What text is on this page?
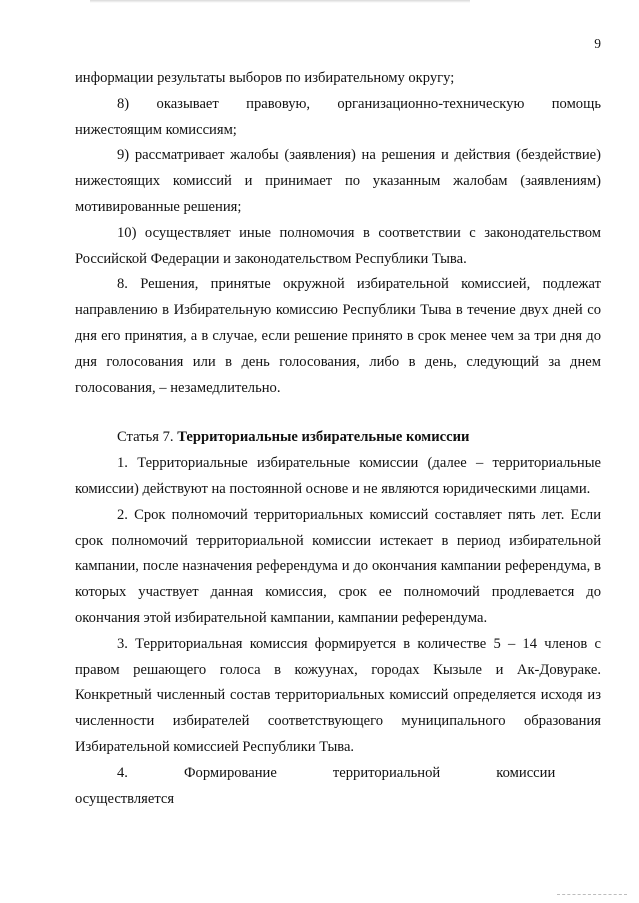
9

информации результаты выборов по избирательному округу;

8)     оказывает     правовую,     организационно-техническую     помощь нижестоящим комиссиям;

9) рассматривает жалобы (заявления) на решения и действия (бездействие) нижестоящих комиссий и принимает по указанным жалобам (заявлениям) мотивированные решения;

10) осуществляет иные полномочия в соответствии с законодательством Российской Федерации и законодательством Республики Тыва.

8. Решения, принятые окружной избирательной комиссией, подлежат направлению в Избирательную комиссию Республики Тыва в течение двух дней со дня его принятия, а в случае, если решение принято в срок менее чем за три дня до дня голосования или в день голосования, либо в день, следующий за днем голосования, – незамедлительно.

Статья 7. Территориальные избирательные комиссии

1. Территориальные избирательные комиссии (далее – территориальные комиссии) действуют на постоянной основе и не являются юридическими лицами.

2. Срок полномочий территориальных комиссий составляет пять лет. Если срок полномочий территориальной комиссии истекает в период избирательной кампании, после назначения референдума и до окончания кампании референдума, в которых участвует данная комиссия, срок ее полномочий продлевается до окончания этой избирательной кампании, кампании референдума.

3. Территориальная комиссия формируется в количестве 5 – 14 членов с правом решающего голоса в кожуунах, городах Кызыле и Ак-Довураке. Конкретный численный состав территориальных комиссий определяется исходя из численности избирателей соответствующего муниципального образования Избирательной комиссией Республики Тыва.

4.        Формирование        территориальной        комиссии        осуществляется
